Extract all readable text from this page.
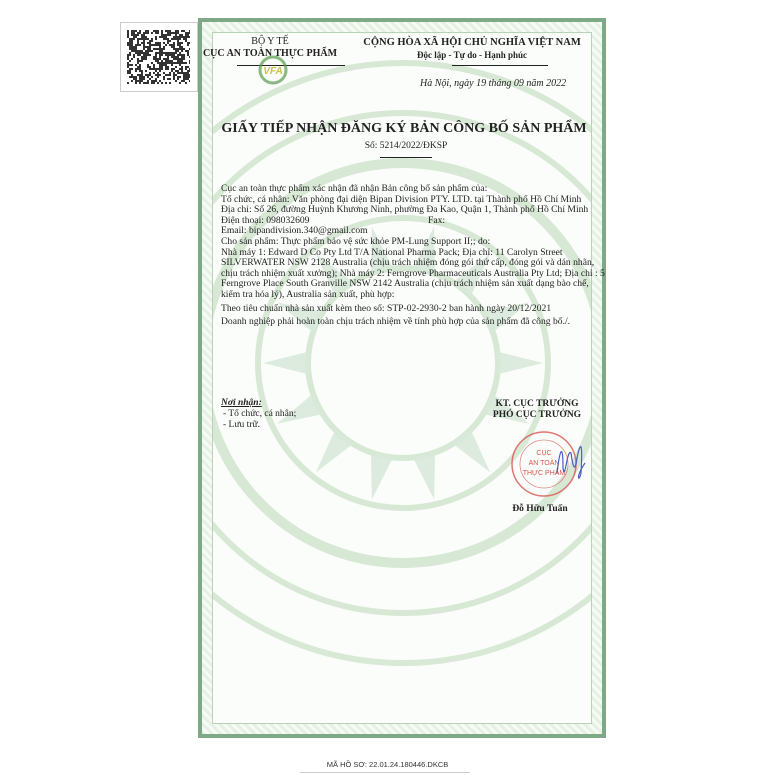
BỘ Y TẾ
CỤC AN TOÀN THỰC PHẨM
VFA
CỘNG HÒA XÃ HỘI CHỦ NGHĨA VIỆT NAM
Độc lập - Tự do - Hạnh phúc
Hà Nội, ngày 19 tháng 09 năm 2022
GIẤY TIẾP NHẬN ĐĂNG KÝ BẢN CÔNG BỐ SẢN PHẨM
Số: 5214/2022/ĐKSP

Cục an toàn thực phẩm xác nhận đã nhận Bản công bố sản phẩm của:

Tổ chức, cá nhân: Văn phòng đại diện Bipan Division PTY. LTD. tại Thành phố Hồ Chí Minh

Địa chỉ: Số 26, đường Huỳnh Khương Ninh, phường Đa Kao, Quận 1, Thành phố Hồ Chí Minh

Điện thoại: 098032609	Fax:

Email: bipandivision.340@gmail.com

Cho sản phẩm: Thực phẩm bảo vệ sức khỏe PM-Lung Support II;; do:

Nhà máy 1: Edward D Co Pty Ltd T/A National Pharma Pack; Địa chỉ: 11 Carolyn Street SILVERWATER NSW 2128 Australia (chịu trách nhiệm đóng gói thứ cấp, đóng gói và dán nhãn, chịu trách nhiệm xuất xưởng); Nhà máy 2: Ferngrove Pharmaceuticals Australia Pty Ltd; Địa chỉ : 5 Ferngrove Place South Granville NSW 2142 Australia (chịu trách nhiệm sản xuất dạng bào chế, kiểm tra hóa lý), Australia sản xuất, phù hợp:

Theo tiêu chuẩn nhà sản xuất kèm theo số: STP-02-2930-2 ban hành ngày 20/12/2021

Doanh nghiệp phải hoàn toàn chịu trách nhiệm về tính phù hợp của sản phẩm đã công bố./.

Nơi nhận:
- Tổ chức, cá nhân;
- Lưu trữ.
KT. CỤC TRƯỞNG
PHÓ CỤC TRƯỞNG
CỤC
AN TOÀN
THỰC PHẨM
Đỗ Hữu Tuấn
MÃ HỒ SƠ: 22.01.24.180446.DKCB
